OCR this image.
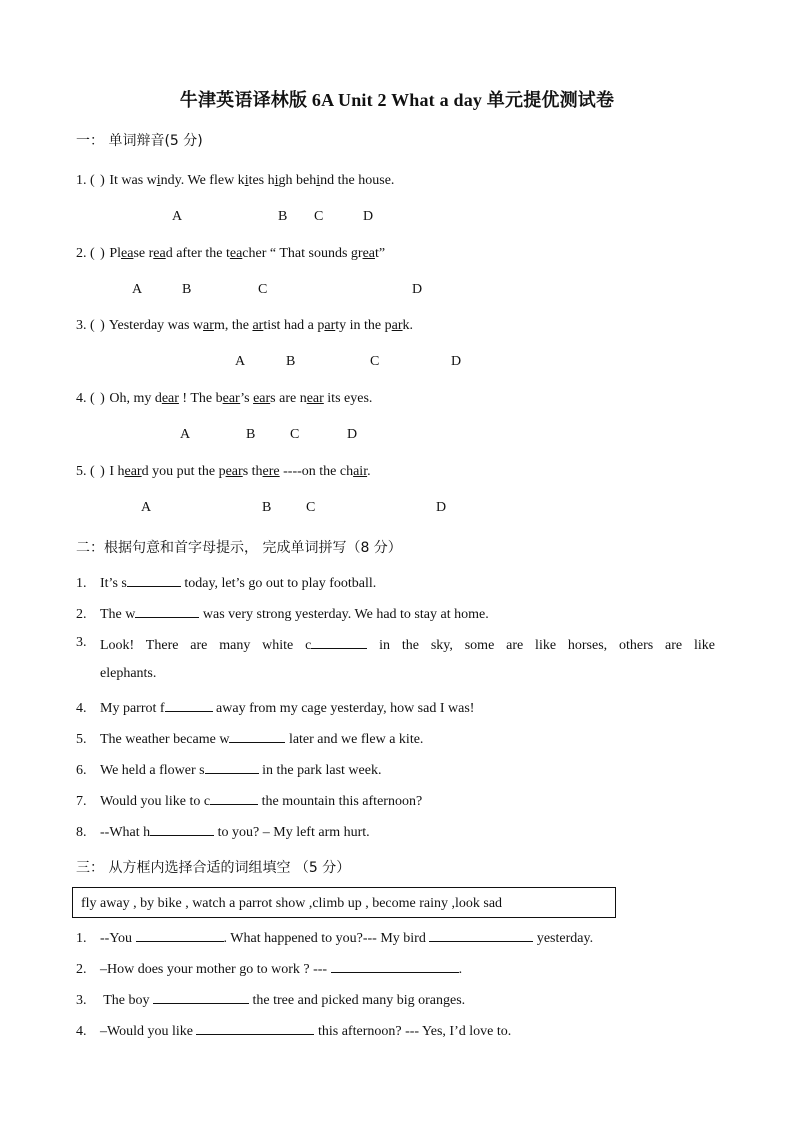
牛津英语译林版 6A Unit 2 What a day 单元提优测试卷
一： 单词辩音(5 分)
1. ( ) It was windy. We flew kites high behind the house.
A	B C	D
2. ( ) Please read after the teacher “ That sounds great”
A	B	C	D
3. ( ) Yesterday was warm, the artist had a party in the park.
A	B	C	D
4. ( ) Oh, my dear ! The bear’s ears are near its eyes.
A	B C	D
5. ( ) I heard you put the pears there ----on the chair.
A	B C	D
二：根据句意和首字母提示， 完成单词拼写（8 分）
1. It’s s	today, let’s go out to play football.
2. The w	was very strong yesterday. We had to stay at home.
3. Look! There are many white c	in the sky, some are like horses, others are like
elephants.
4. My parrot f	away from my cage yesterday, how sad I was!
5. The weather became w	later and we flew a kite.
6. We held a flower s	in the park last week.
7. Would you like to c	the mountain this afternoon?
8. --What h	to you? – My left arm hurt.
三： 从方框内选择合适的词组填空 （5 分）
fly away , by bike , watch a parrot show ,climb up , become rainy ,look sad
1. --You	. What happened to you?--- My bird	yesterday.
2. –How does your mother go to work ? ---	.
3. The boy	the tree and picked many big oranges.
4. –Would you like	this afternoon? --- Yes, I’d love to.
